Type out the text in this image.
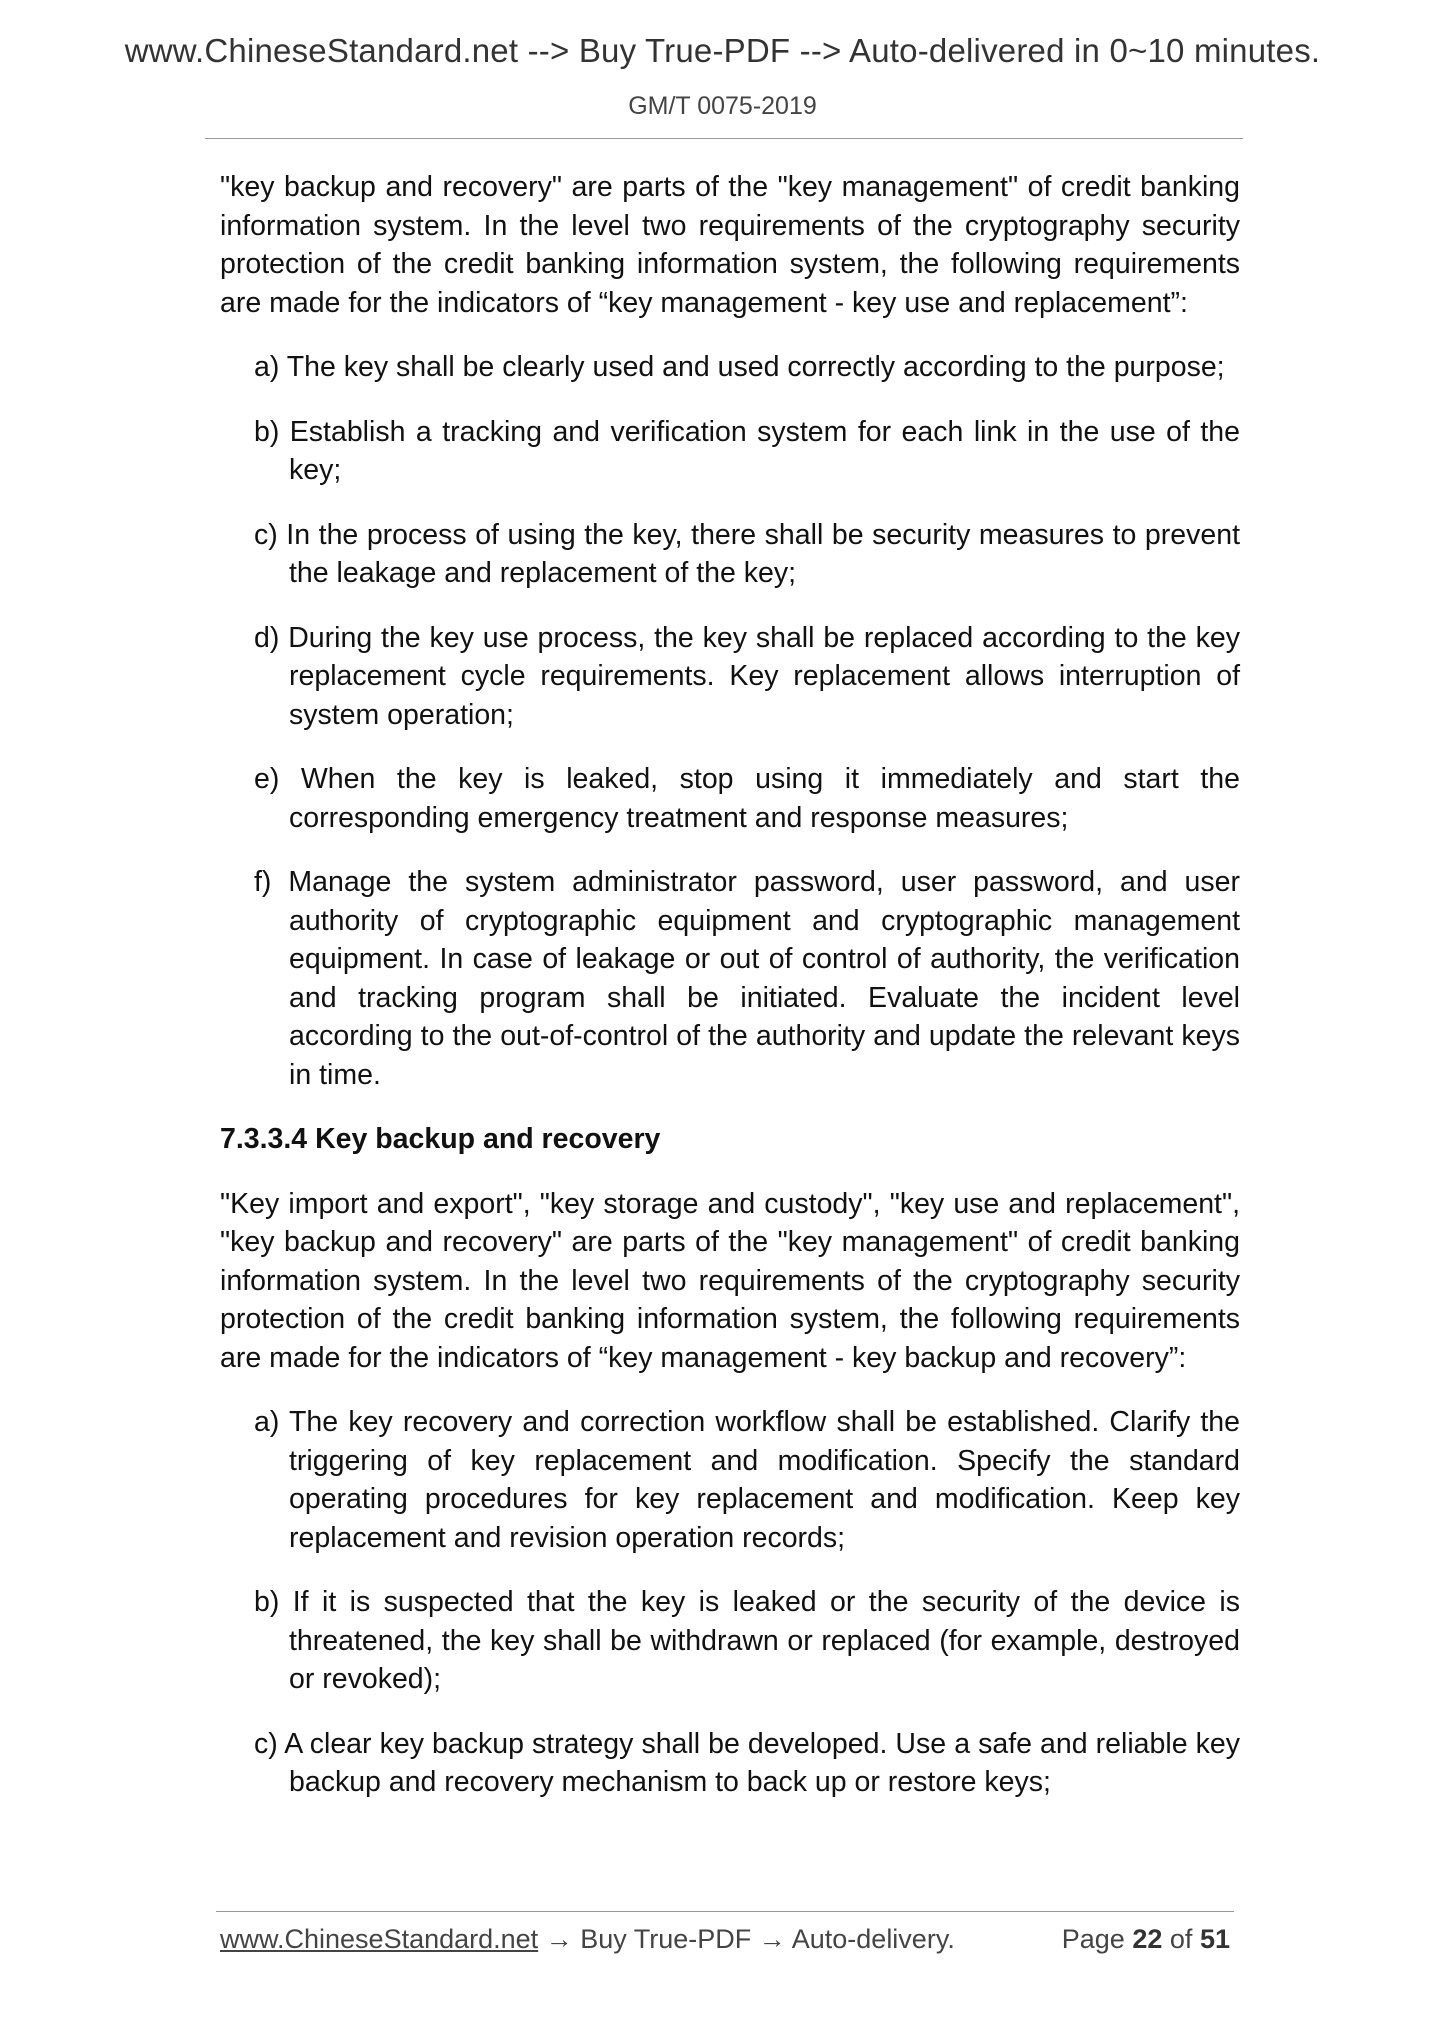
www.ChineseStandard.net --> Buy True-PDF --> Auto-delivered in 0~10 minutes.
GM/T 0075-2019

"key backup and recovery" are parts of the "key management" of credit banking information system. In the level two requirements of the cryptography security protection of the credit banking information system, the following requirements are made for the indicators of “key management - key use and replacement”:

a) The key shall be clearly used and used correctly according to the purpose;

b) Establish a tracking and verification system for each link in the use of the key;

c) In the process of using the key, there shall be security measures to prevent the leakage and replacement of the key;

d) During the key use process, the key shall be replaced according to the key replacement cycle requirements. Key replacement allows interruption of system operation;

e) When the key is leaked, stop using it immediately and start the corresponding emergency treatment and response measures;

f) Manage the system administrator password, user password, and user authority of cryptographic equipment and cryptographic management equipment. In case of leakage or out of control of authority, the verification and tracking program shall be initiated. Evaluate the incident level according to the out-of-control of the authority and update the relevant keys in time.

7.3.3.4 Key backup and recovery

"Key import and export", "key storage and custody", "key use and replacement", "key backup and recovery" are parts of the "key management" of credit banking information system. In the level two requirements of the cryptography security protection of the credit banking information system, the following requirements are made for the indicators of “key management - key backup and recovery”:

a) The key recovery and correction workflow shall be established. Clarify the triggering of key replacement and modification. Specify the standard operating procedures for key replacement and modification. Keep key replacement and revision operation records;

b) If it is suspected that the key is leaked or the security of the device is threatened, the key shall be withdrawn or replaced (for example, destroyed or revoked);

c) A clear key backup strategy shall be developed. Use a safe and reliable key backup and recovery mechanism to back up or restore keys;

www.ChineseStandard.net → Buy True-PDF → Auto-delivery.	Page 22 of 51
